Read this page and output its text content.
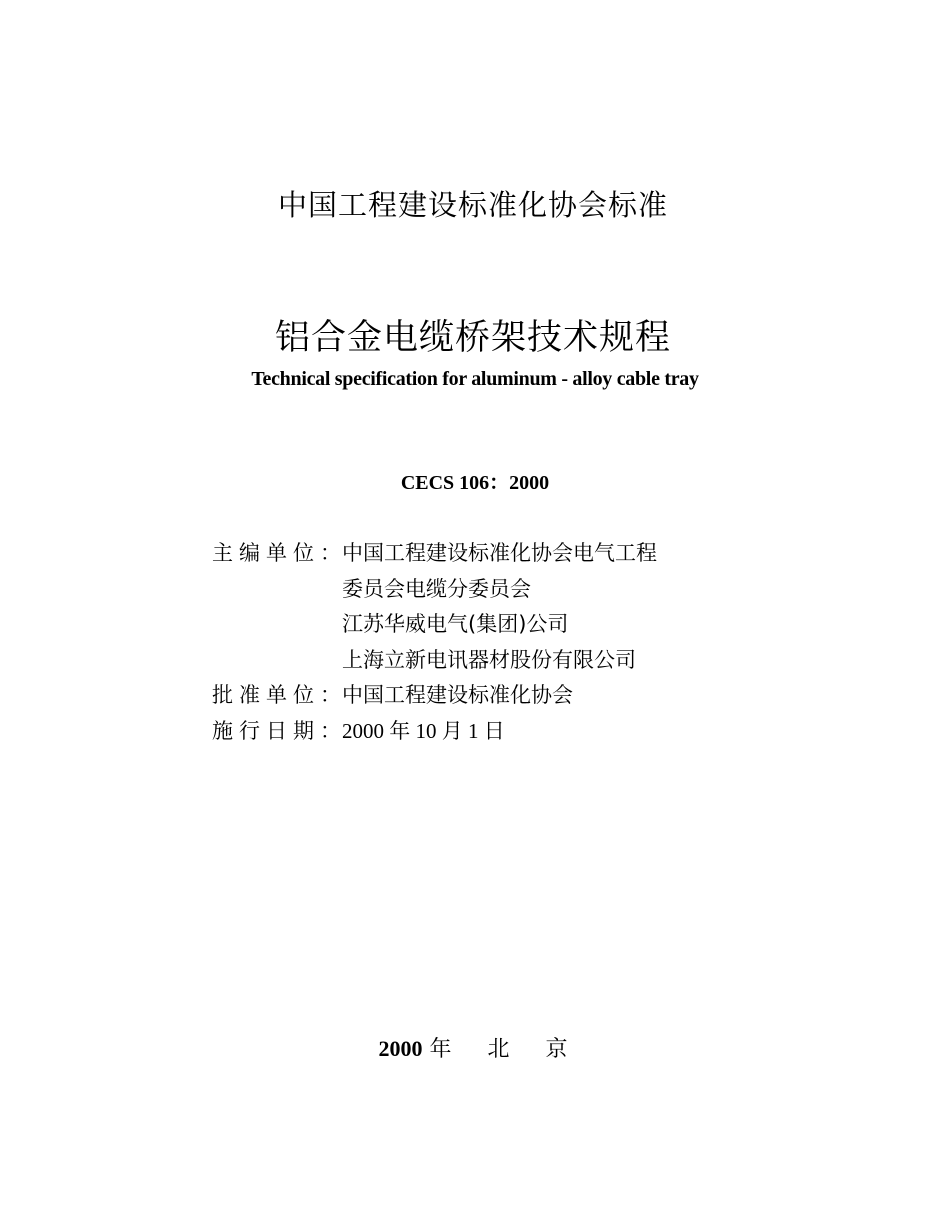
中国工程建设标准化协会标准
铝合金电缆桥架技术规程
Technical specification for aluminum - alloy cable tray
CECS 106：2000
主编单位：
中国工程建设标准化协会电气工程
委员会电缆分委员会
江苏华威电气(集团)公司
上海立新电讯器材股份有限公司
批准单位：
中国工程建设标准化协会
施行日期：
2000 年 10 月 1 日
2000 年 北 京
